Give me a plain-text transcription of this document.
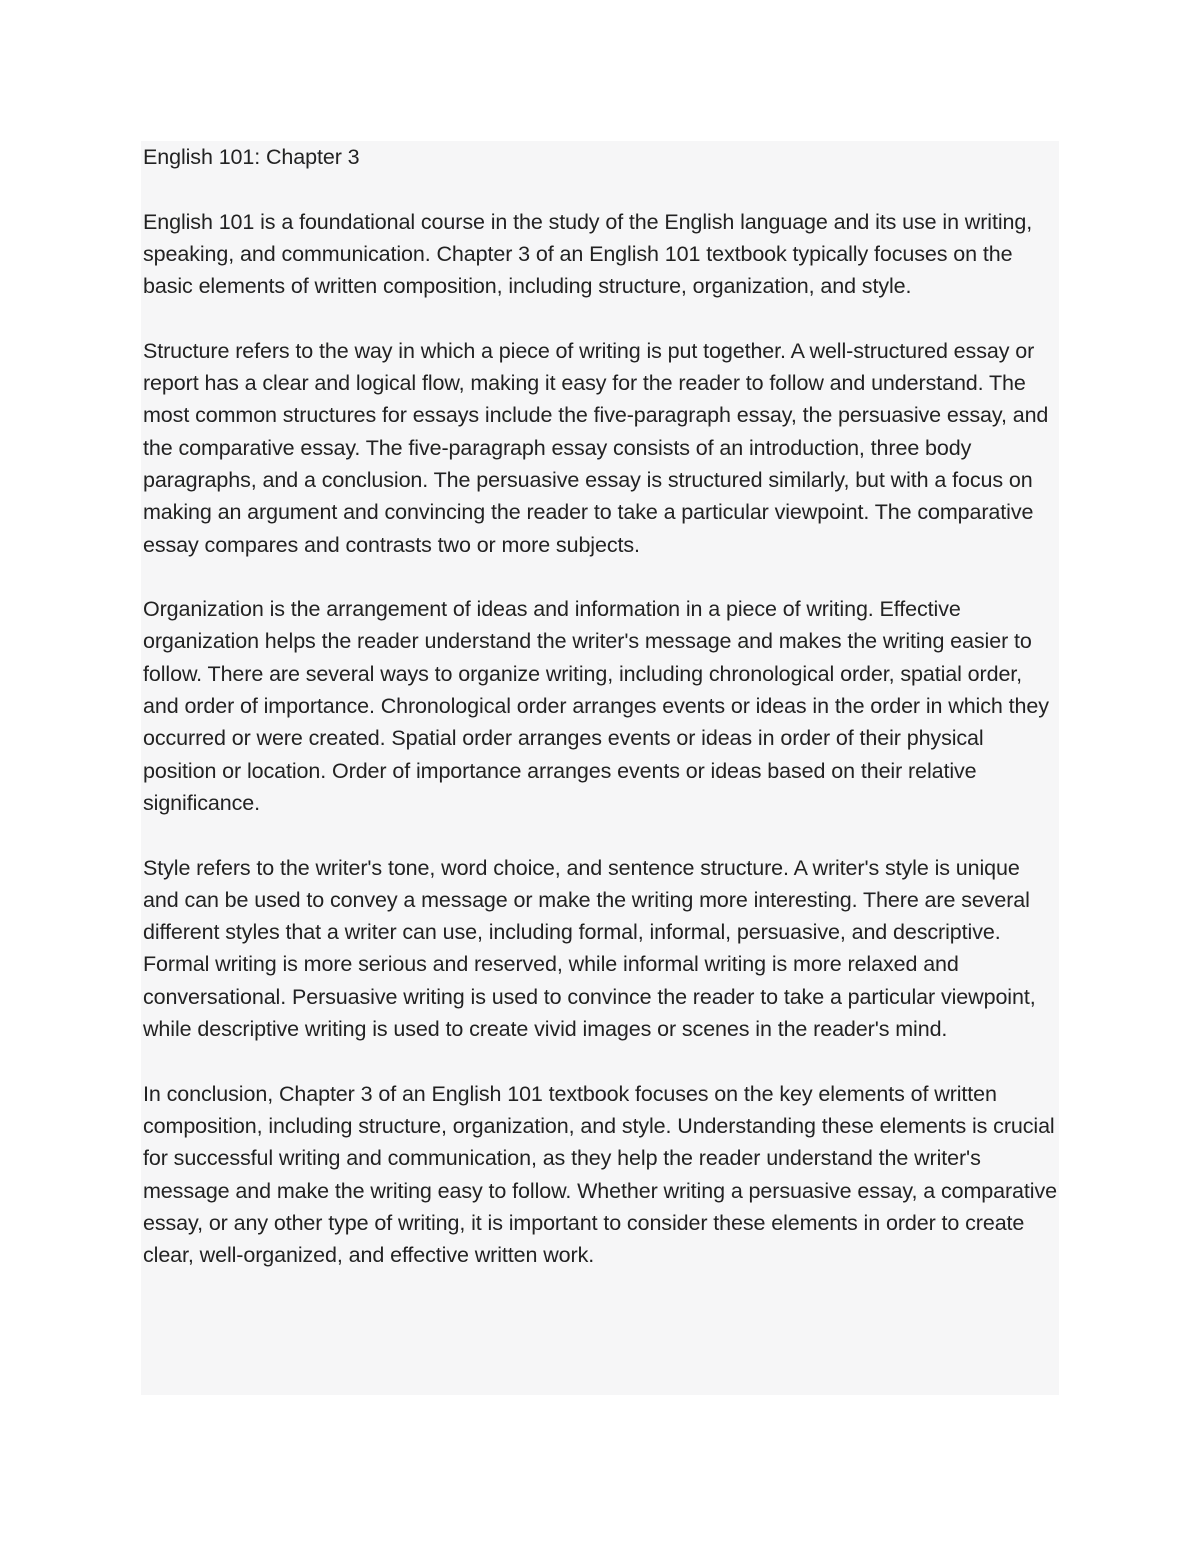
English 101: Chapter 3

English 101 is a foundational course in the study of the English language and its use in writing, speaking, and communication. Chapter 3 of an English 101 textbook typically focuses on the basic elements of written composition, including structure, organization, and style.

Structure refers to the way in which a piece of writing is put together. A well-structured essay or report has a clear and logical flow, making it easy for the reader to follow and understand. The most common structures for essays include the five-paragraph essay, the persuasive essay, and the comparative essay. The five-paragraph essay consists of an introduction, three body paragraphs, and a conclusion. The persuasive essay is structured similarly, but with a focus on making an argument and convincing the reader to take a particular viewpoint. The comparative essay compares and contrasts two or more subjects.

Organization is the arrangement of ideas and information in a piece of writing. Effective organization helps the reader understand the writer's message and makes the writing easier to follow. There are several ways to organize writing, including chronological order, spatial order, and order of importance. Chronological order arranges events or ideas in the order in which they occurred or were created. Spatial order arranges events or ideas in order of their physical position or location. Order of importance arranges events or ideas based on their relative significance.

Style refers to the writer's tone, word choice, and sentence structure. A writer's style is unique and can be used to convey a message or make the writing more interesting. There are several different styles that a writer can use, including formal, informal, persuasive, and descriptive. Formal writing is more serious and reserved, while informal writing is more relaxed and conversational. Persuasive writing is used to convince the reader to take a particular viewpoint, while descriptive writing is used to create vivid images or scenes in the reader's mind.

In conclusion, Chapter 3 of an English 101 textbook focuses on the key elements of written composition, including structure, organization, and style. Understanding these elements is crucial for successful writing and communication, as they help the reader understand the writer's message and make the writing easy to follow. Whether writing a persuasive essay, a comparative essay, or any other type of writing, it is important to consider these elements in order to create clear, well-organized, and effective written work.
